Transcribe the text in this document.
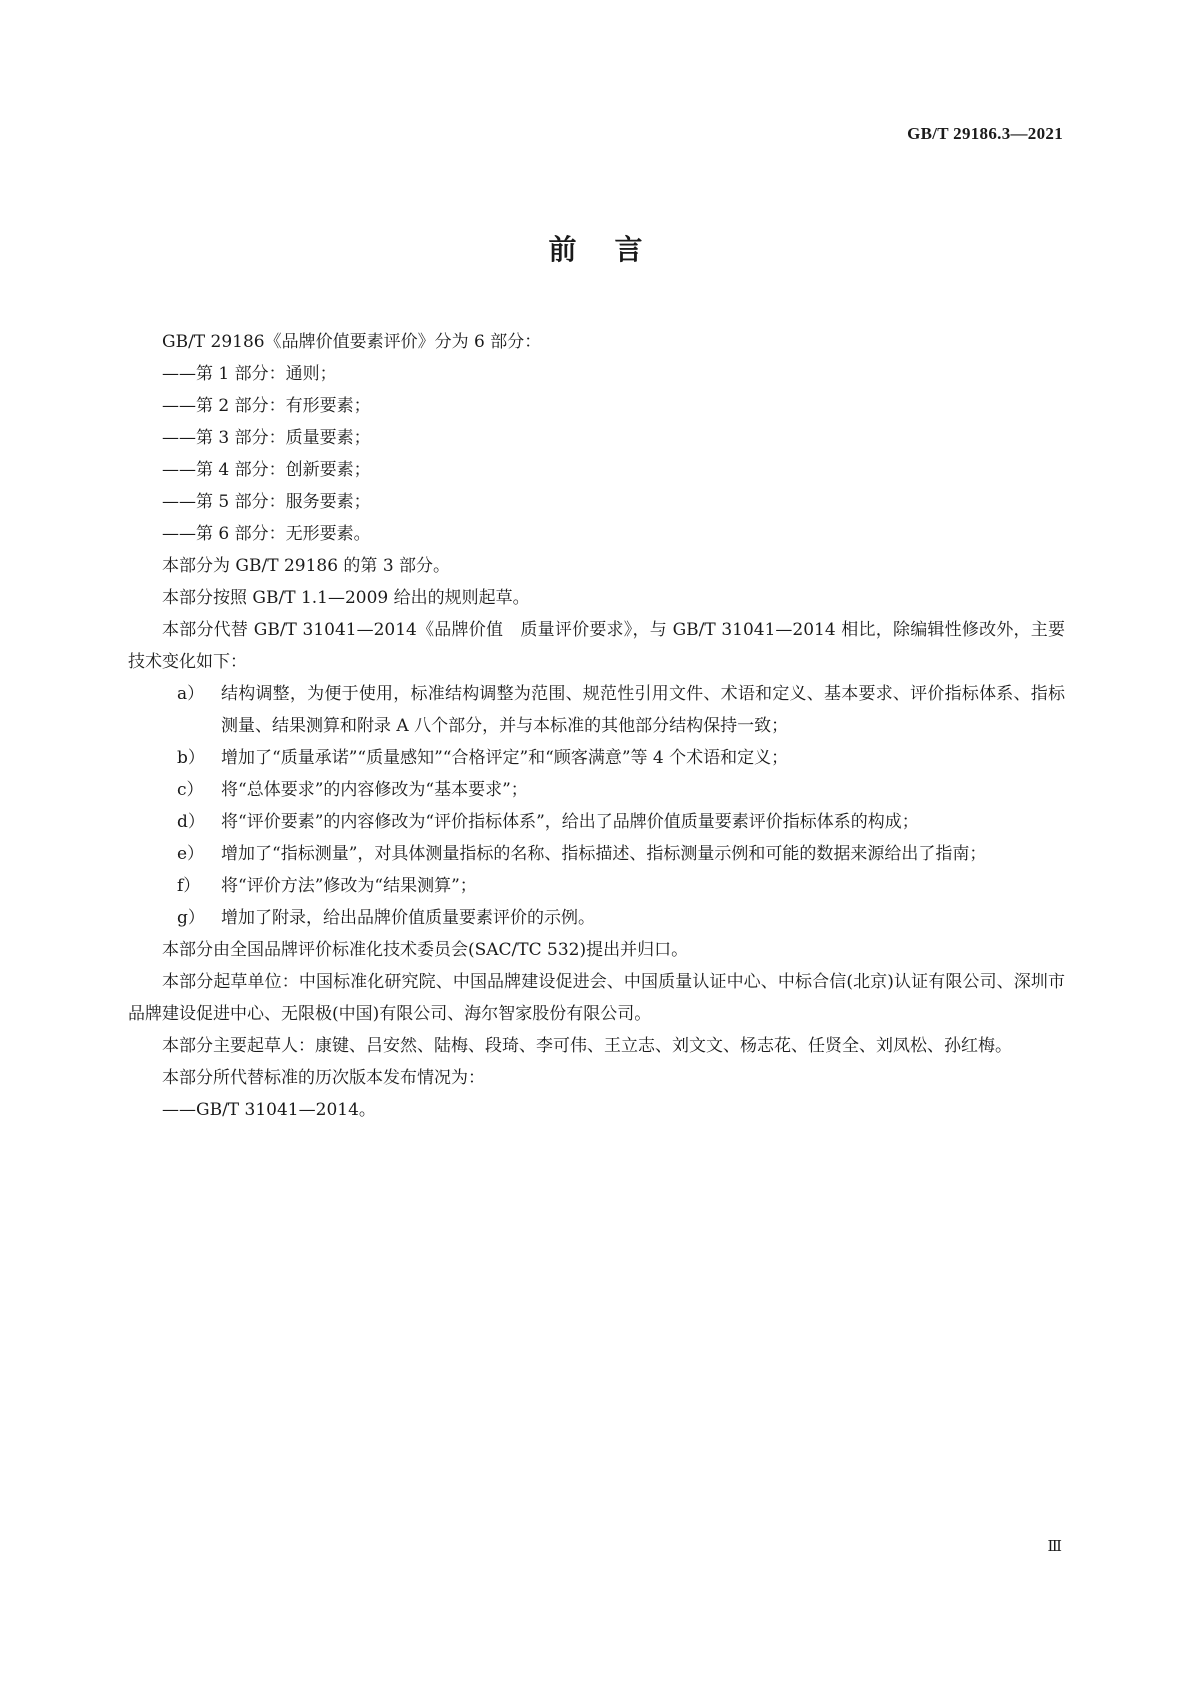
GB/T 29186.3—2021
前言

GB/T 29186《品牌价值要素评价》分为 6 部分：

——第 1 部分：通则；

——第 2 部分：有形要素；

——第 3 部分：质量要素；

——第 4 部分：创新要素；

——第 5 部分：服务要素；

——第 6 部分：无形要素。

本部分为 GB/T 29186 的第 3 部分。

本部分按照 GB/T 1.1—2009 给出的规则起草。

本部分代替 GB/T 31041—2014《品牌价值　质量评价要求》，与 GB/T 31041—2014 相比，除编辑性修改外，主要技术变化如下：

a） 结构调整，为便于使用，标准结构调整为范围、规范性引用文件、术语和定义、基本要求、评价指标体系、指标测量、结果测算和附录 A 八个部分，并与本标准的其他部分结构保持一致；
b） 增加了“质量承诺”“质量感知”“合格评定”和“顾客满意”等 4 个术语和定义；
c）	将“总体要求”的内容修改为“基本要求”；
d） 将“评价要素”的内容修改为“评价指标体系”，给出了品牌价值质量要素评价指标体系的构成；
e） 增加了“指标测量”，对具体测量指标的名称、指标描述、指标测量示例和可能的数据来源给出了指南；
f）	将“评价方法”修改为“结果测算”；
g） 增加了附录，给出品牌价值质量要素评价的示例。

本部分由全国品牌评价标准化技术委员会(SAC/TC 532)提出并归口。

本部分起草单位：中国标准化研究院、中国品牌建设促进会、中国质量认证中心、中标合信(北京)认证有限公司、深圳市品牌建设促进中心、无限极(中国)有限公司、海尔智家股份有限公司。

本部分主要起草人：康键、吕安然、陆梅、段琦、李可伟、王立志、刘文文、杨志花、任贤全、刘凤松、孙红梅。

本部分所代替标准的历次版本发布情况为：

——GB/T 31041—2014。

Ⅲ
